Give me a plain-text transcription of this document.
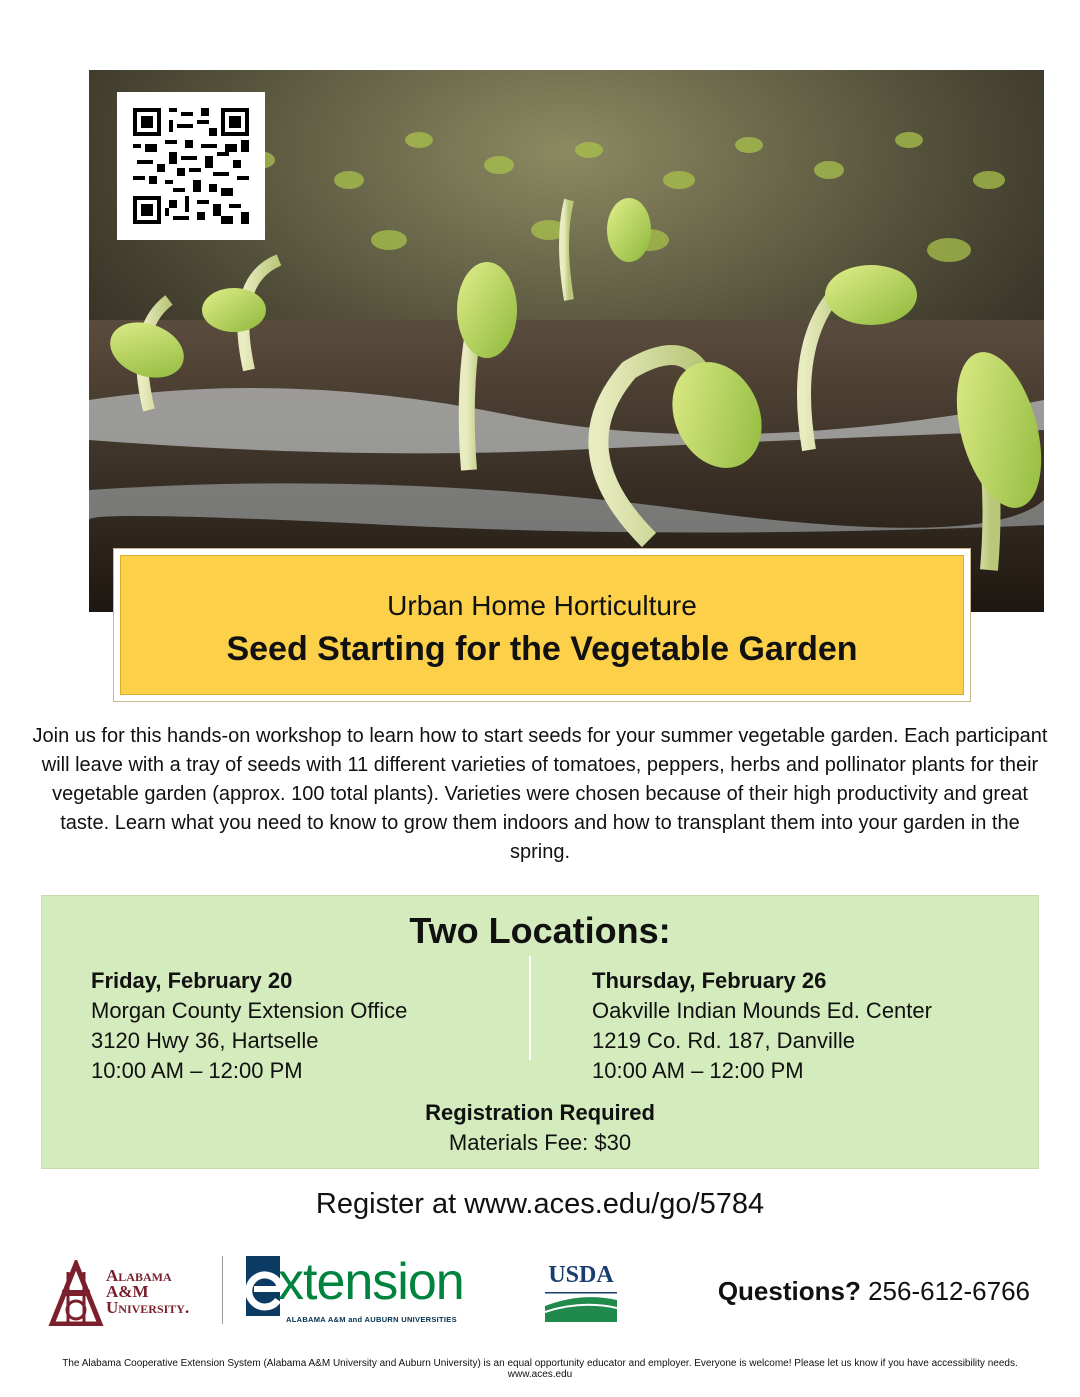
Urban Home Horticulture
Seed Starting for the Vegetable Garden
Join us for this hands-on workshop to learn how to start seeds for your summer vegetable garden. Each participant will leave with a tray of seeds with 11 different varieties of tomatoes, peppers, herbs and pollinator plants for their vegetable garden (approx. 100 total plants). Varieties were chosen because of their high productivity and great taste. Learn what you need to know to grow them indoors and how to transplant them into your garden in the spring.
Two Locations:
Friday, February 20
Morgan County Extension Office
3120 Hwy 36, Hartselle
10:00 AM – 12:00 PM
Thursday, February 26
Oakville Indian Mounds Ed. Center
1219 Co. Rd. 187, Danville
10:00 AM – 12:00 PM
Registration Required
Materials Fee: $30
Register at www.aces.edu/go/5784
Alabama
A&M
University. xtension
ALABAMA A&M and AUBURN UNIVERSITIES
USDA
Questions? 256-612-6766
The Alabama Cooperative Extension System (Alabama A&M University and Auburn University) is an equal opportunity educator and employer. Everyone is welcome! Please let us know if you have accessibility needs. www.aces.edu
